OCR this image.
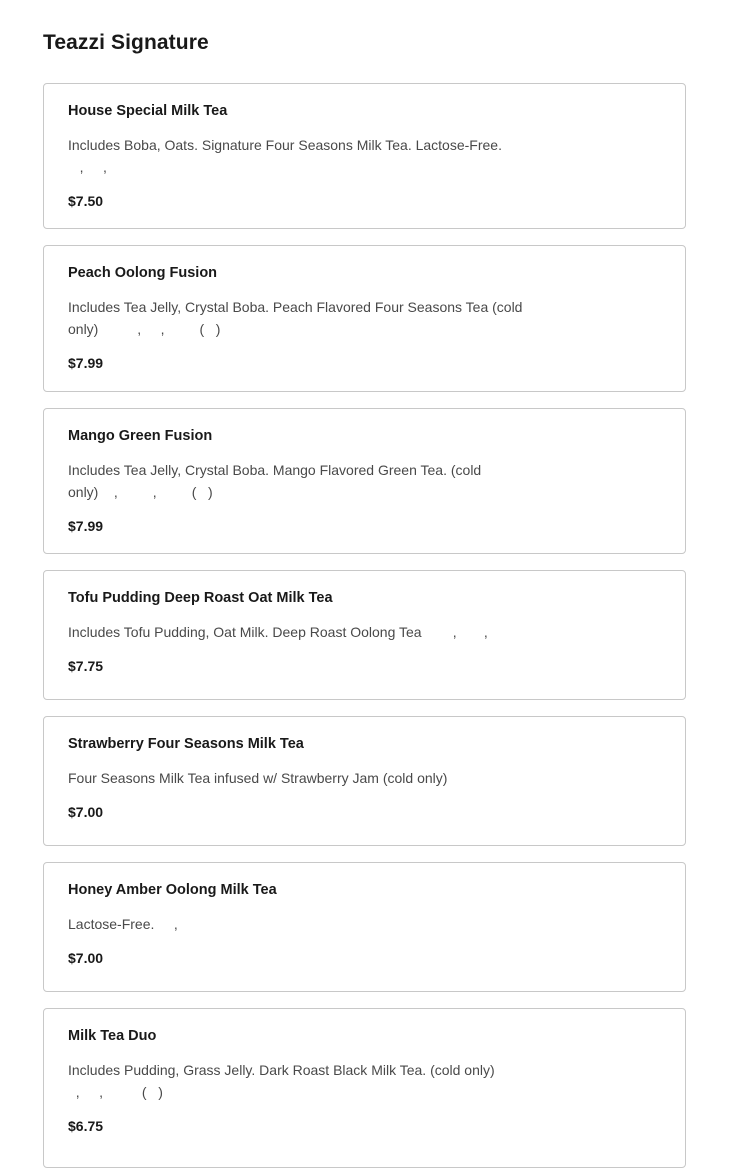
Teazzi Signature
House Special Milk Tea
Includes Boba, Oats. Signature Four Seasons Milk Tea. Lactose-Free.
,     ,
$7.50
Peach Oolong Fusion
Includes Tea Jelly, Crystal Boba. Peach Flavored Four Seasons Tea (cold only)          ,     ,         (   )
$7.99
Mango Green Fusion
Includes Tea Jelly, Crystal Boba. Mango Flavored Green Tea. (cold only)    ,         ,         (   )
$7.99
Tofu Pudding Deep Roast Oat Milk Tea
Includes Tofu Pudding, Oat Milk. Deep Roast Oolong Tea        ,       ,
$7.75
Strawberry Four Seasons Milk Tea
Four Seasons Milk Tea infused w/ Strawberry Jam (cold only)
$7.00
Honey Amber Oolong Milk Tea
Lactose-Free.     ,
$7.00
Milk Tea Duo
Includes Pudding, Grass Jelly. Dark Roast Black Milk Tea. (cold only)
,     ,          (   )
$6.75
